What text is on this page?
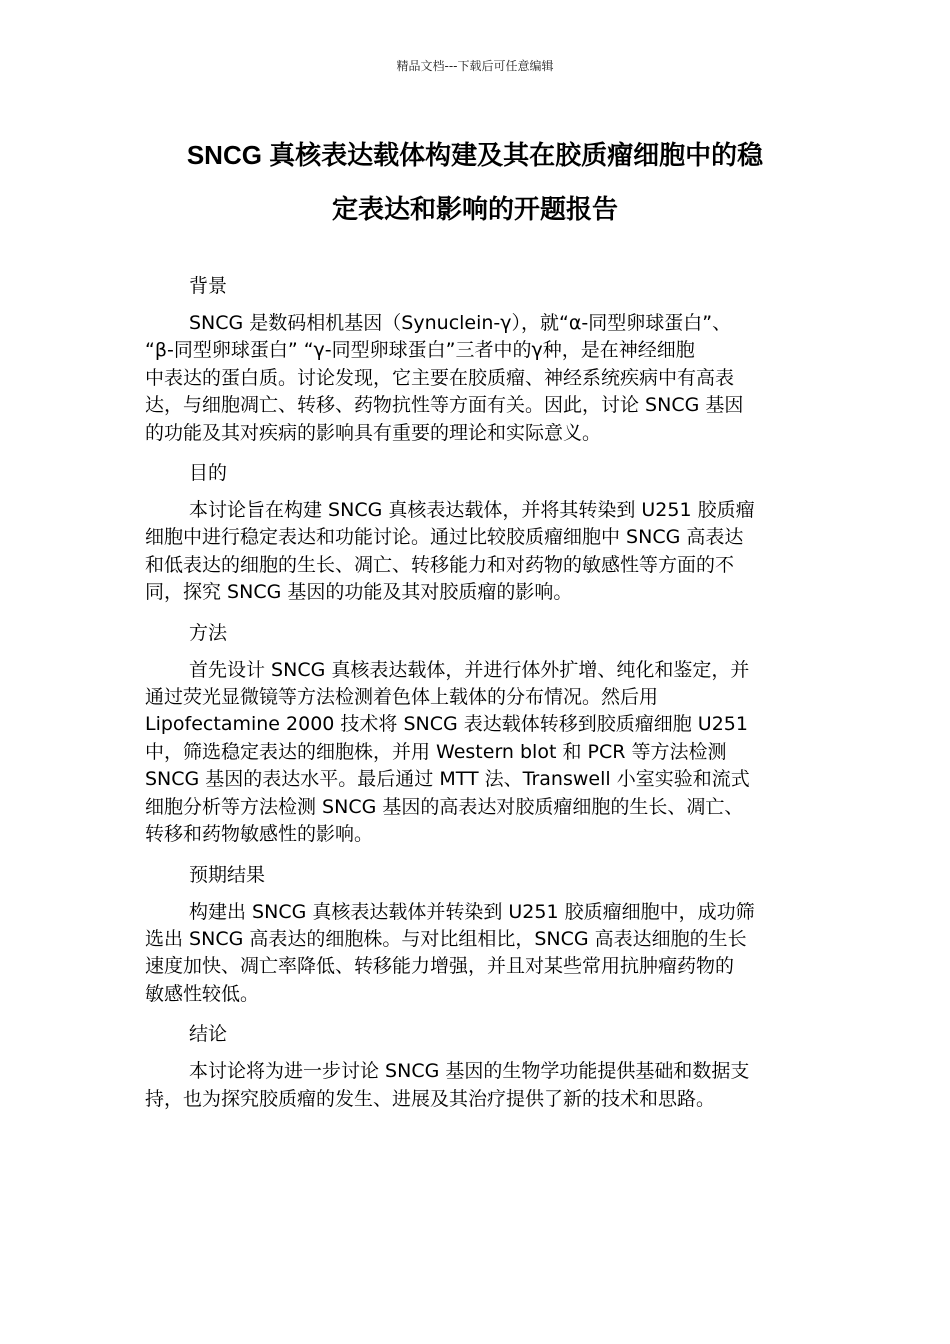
精品文档---下载后可任意编辑
SNCG 真核表达载体构建及其在胶质瘤细胞中的稳
定表达和影响的开题报告

背景

SNCG 是数码相机基因（Synuclein-γ），就“α-同型卵球蛋白”、
“β-同型卵球蛋白” “γ-同型卵球蛋白”三者中的γ种，是在神经细胞
中表达的蛋白质。讨论发现，它主要在胶质瘤、神经系统疾病中有高表
达，与细胞凋亡、转移、药物抗性等方面有关。因此，讨论 SNCG 基因
的功能及其对疾病的影响具有重要的理论和实际意义。

目的

本讨论旨在构建 SNCG 真核表达载体，并将其转染到 U251 胶质瘤
细胞中进行稳定表达和功能讨论。通过比较胶质瘤细胞中 SNCG 高表达
和低表达的细胞的生长、凋亡、转移能力和对药物的敏感性等方面的不
同，探究 SNCG 基因的功能及其对胶质瘤的影响。

方法

首先设计 SNCG 真核表达载体，并进行体外扩增、纯化和鉴定，并
通过荧光显微镜等方法检测着色体上载体的分布情况。然后用
Lipofectamine 2000 技术将 SNCG 表达载体转移到胶质瘤细胞 U251
中，筛选稳定表达的细胞株，并用 Western blot 和 PCR 等方法检测
SNCG 基因的表达水平。最后通过 MTT 法、Transwell 小室实验和流式
细胞分析等方法检测 SNCG 基因的高表达对胶质瘤细胞的生长、凋亡、
转移和药物敏感性的影响。

预期结果

构建出 SNCG 真核表达载体并转染到 U251 胶质瘤细胞中，成功筛
选出 SNCG 高表达的细胞株。与对比组相比，SNCG 高表达细胞的生长
速度加快、凋亡率降低、转移能力增强，并且对某些常用抗肿瘤药物的
敏感性较低。

结论

本讨论将为进一步讨论 SNCG 基因的生物学功能提供基础和数据支
持，也为探究胶质瘤的发生、进展及其治疗提供了新的技术和思路。
